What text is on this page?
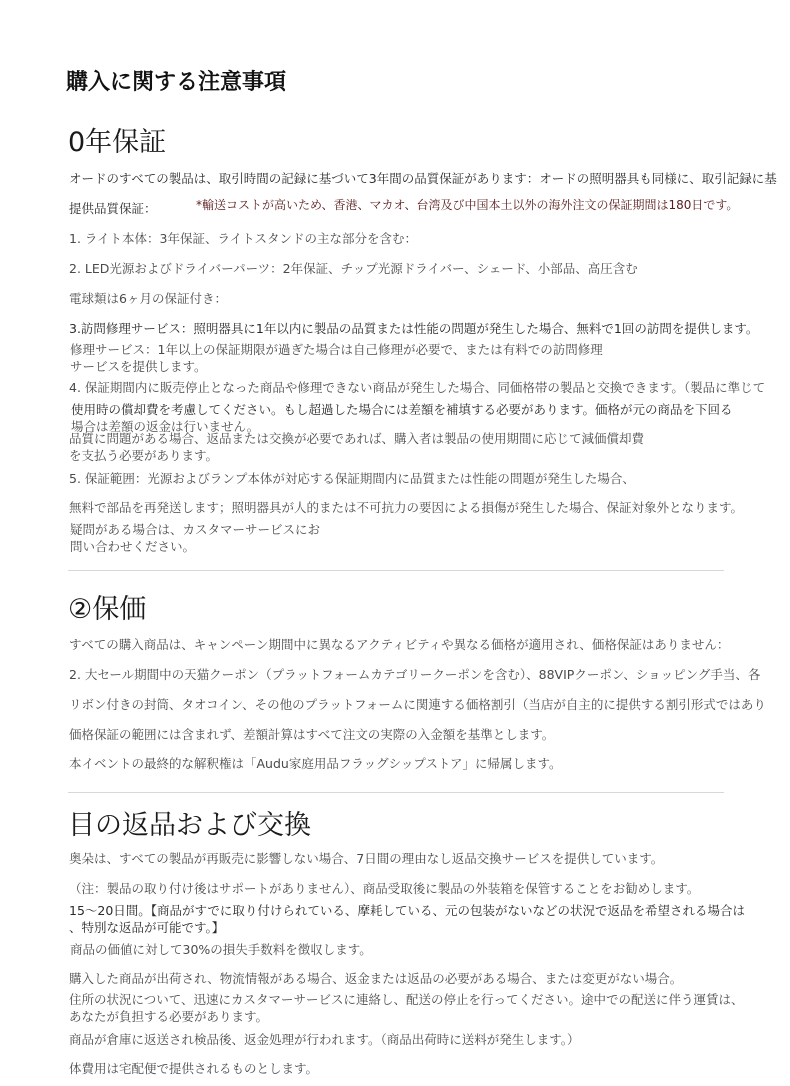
購入に関する注意事項
0年保証
オードのすべての製品は、取引時間の記録に基づいて3年間の品質保証があります：オードの照明器具も同様に、取引記録に基
提供品質保証：	*輸送コストが高いため、香港、マカオ、台湾及び中国本土以外の海外注文の保証期間は180日です。
1. ライト本体：3年保証、ライトスタンドの主な部分を含む：
2. LED光源およびドライバーパーツ：2年保証、チップ光源ドライバー、シェード、小部品、高圧含む
電球類は6ヶ月の保証付き：
3.訪問修理サービス：照明器具に1年以内に製品の品質または性能の問題が発生した場合、無料で1回の訪問を提供します。
修理サービス：1年以上の保証期限が過ぎた場合は自己修理が必要で、または有料での訪問修理
サービスを提供します。
4. 保証期間内に販売停止となった商品や修理できない商品が発生した場合、同価格帯の製品と交換できます。（製品に準じて
使用時の償却費を考慮してください。もし超過した場合には差額を補填する必要があります。価格が元の商品を下回る
場合は差額の返金は行いません。
品質に問題がある場合、返品または交換が必要であれば、購入者は製品の使用期間に応じて減価償却費
を支払う必要があります。
5. 保証範囲：光源およびランプ本体が対応する保証期間内に品質または性能の問題が発生した場合、
無料で部品を再発送します；照明器具が人的または不可抗力の要因による損傷が発生した場合、保証対象外となります。
疑問がある場合は、カスタマーサービスにお
問い合わせください。
②保価
すべての購入商品は、キャンペーン期間中に異なるアクティビティや異なる価格が適用され、価格保証はありません：
2. 大セール期間中の天猫クーポン（プラットフォームカテゴリークーポンを含む）、88VIPクーポン、ショッピング手当、各
リボン付きの封筒、タオコイン、その他のプラットフォームに関連する価格割引（当店が自主的に提供する割引形式ではあり
価格保証の範囲には含まれず、差額計算はすべて注文の実際の入金額を基準とします。
本イベントの最終的な解釈権は「Audu家庭用品フラッグシップストア」に帰属します。
目の返品および交換
奥朵は、すべての製品が再販売に影響しない場合、7日間の理由なし返品交換サービスを提供しています。
（注：製品の取り付け後はサポートがありません）、商品受取後に製品の外装箱を保管することをお勧めします。
15〜20日間。【商品がすでに取り付けられている、摩耗している、元の包装がないなどの状況で返品を希望される場合は
、特別な返品が可能です。】
商品の価値に対して30%の損失手数料を徴収します。
購入した商品が出荷され、物流情報がある場合、返金または返品の必要がある場合、または変更がない場合。
住所の状況について、迅速にカスタマーサービスに連絡し、配送の停止を行ってください。途中での配送に伴う運賃は、
あなたが負担する必要があります。
商品が倉庫に返送され検品後、返金処理が行われます。（商品出荷時に送料が発生します。）
体費用は宅配便で提供されるものとします。
